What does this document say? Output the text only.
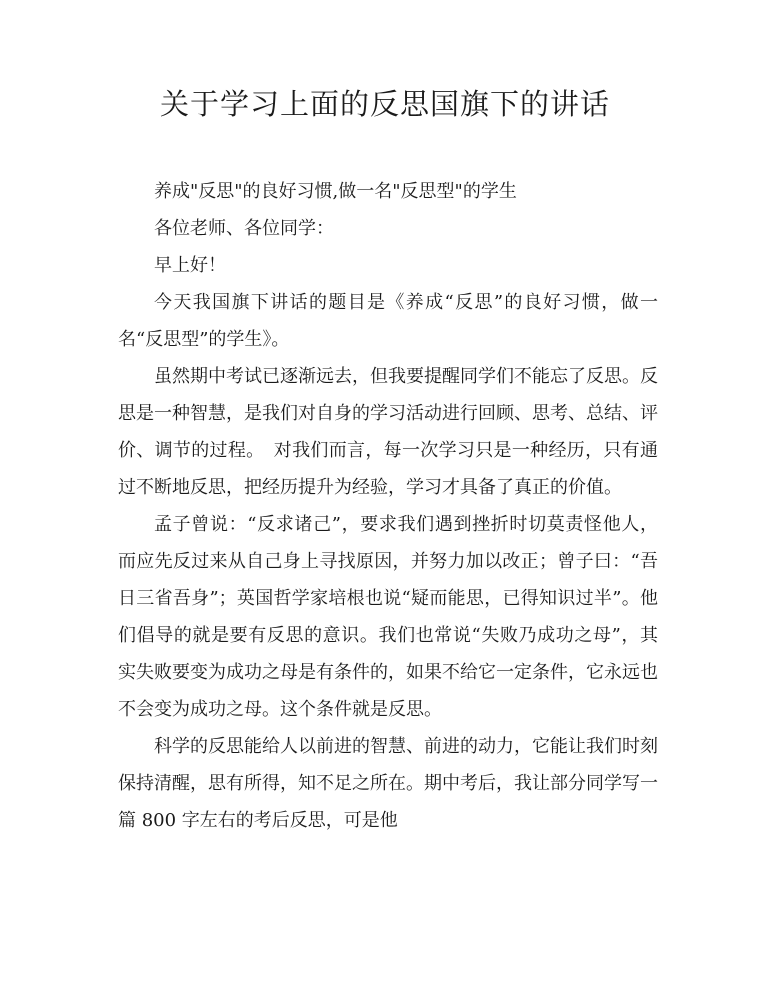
关于学习上面的反思国旗下的讲话

养成"反思"的良好习惯,做一名"反思型"的学生

各位老师、各位同学：

早上好！

今天我国旗下讲话的题目是《养成“反思”的良好习惯，做一名“反思型”的学生》。

虽然期中考试已逐渐远去，但我要提醒同学们不能忘了反思。反思是一种智慧，是我们对自身的学习活动进行回顾、思考、总结、评价、调节的过程。　对我们而言，每一次学习只是一种经历，只有通过不断地反思，把经历提升为经验，学习才具备了真正的价值。

孟子曾说：“反求诸己”，要求我们遇到挫折时切莫责怪他人，而应先反过来从自己身上寻找原因，并努力加以改正；曾子曰：“吾日三省吾身”；英国哲学家培根也说“疑而能思，已得知识过半”。他们倡导的就是要有反思的意识。我们也常说“失败乃成功之母”，其实失败要变为成功之母是有条件的，如果不给它一定条件，它永远也不会变为成功之母。这个条件就是反思。

科学的反思能给人以前进的智慧、前进的动力，它能让我们时刻保持清醒，思有所得，知不足之所在。期中考后，我让部分同学写一篇 800 字左右的考后反思，可是他
